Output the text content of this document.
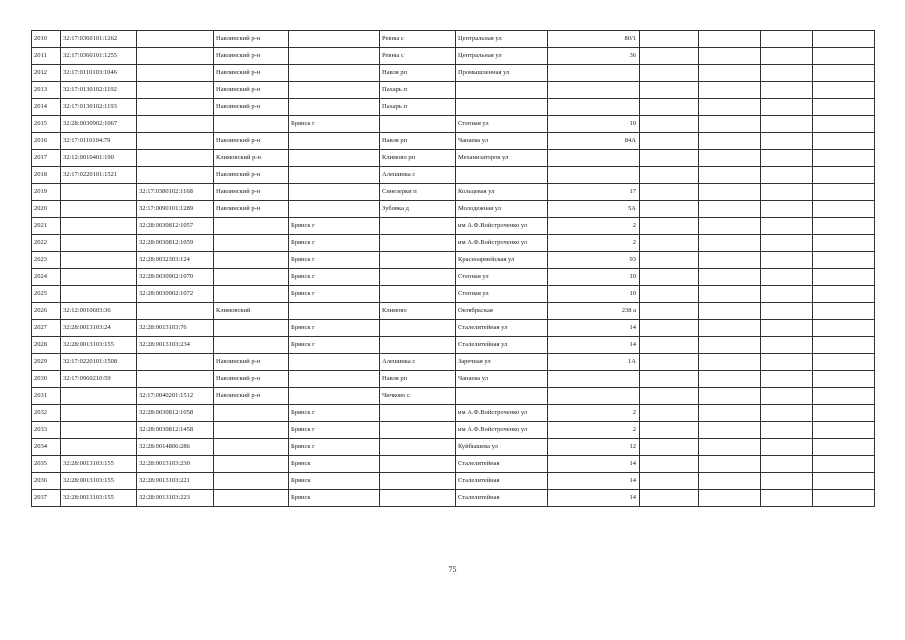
2010	32:17:0360101:1262		Навлинский р-н		Ревны с	Центральная ул	80/1				
2011	32:17:0360101:1255		Навлинский р-н		Ревны с	Центральная ул	36				
2012	32:17:0110103:1046		Навлинский р-н		Навля рп	Промышленная ул					
2013	32:17:0130102:1192		Навлинский р-н		Пахарь п						
2014	32:17:0130102:1193		Навлинский р-н		Пахарь п						
2015	32:28:0030902:1067			Брянск г		Степная ул	10				
2016	32:17:0110104:79		Навлинский р-н		Навля рп	Чапаева ул	84А				
2017	32:12:0010401:190		Климовский р-н		Климово рп	Механизаторов ул					
2018	32:17:0220101:1521		Навлинский р-н		Алешинка с						
2019		32:17:0380102:1168	Навлинский р-н		Синезерки п	Кольцевая ул	17				
2020		32:17:0090101:1289	Навлинский р-н		Зубовка д	Молодежная ул	5А				
2021		32:28:0030812:1057		Брянск г		им А.Ф.Войстроченко ул	2				
2022		32:28:0030812:1059		Брянск г		им А.Ф.Войстроченко ул	2				
2023		32:28:0032303:124		Брянск г		Красноармейская ул	93				
2024		32:28:0030902:1070		Брянск г		Степная ул	10				
2025		32:28:0030902:1072		Брянск г		Степная ул	10				
2026	32:12:0010603:36		Климовский		Климово	Октябрьская	238 а				
2027	32:28:0013103:24	32:28:0013103:76		Брянск г		Сталелитейная ул	14				
2028	32:28:0013103:155	32:28:0013103:234		Брянск г		Сталелитейная ул	14				
2029	32:17:0220101:1508		Навлинский р-н		Алешинка с	Заречная ул	1А				
2030	32:17:0960210:59		Навлинский р-н		Навля рп	Чапаева ул					
2031		32:17:0040201:1512	Навлинский р-н		Чичково с						
2032		32:28:0030812:1058		Брянск г		им А.Ф.Войстроченко ул	2				
2033		32:28:0030812:1458		Брянск г		им А.Ф.Войстроченко ул	2				
2034		32:28:0014806:286		Брянск г		Куйбышева ул	12				
2035	32:28:0013103:155	32:28:0013103:230		Брянск		Сталелитейная	14				
2036	32:28:0013103:155	32:28:0013103:221		Брянск		Сталелитейная	14				
2037	32:28:0013103:155	32:28:0013103:223		Брянск		Сталелитейная	14				
75
